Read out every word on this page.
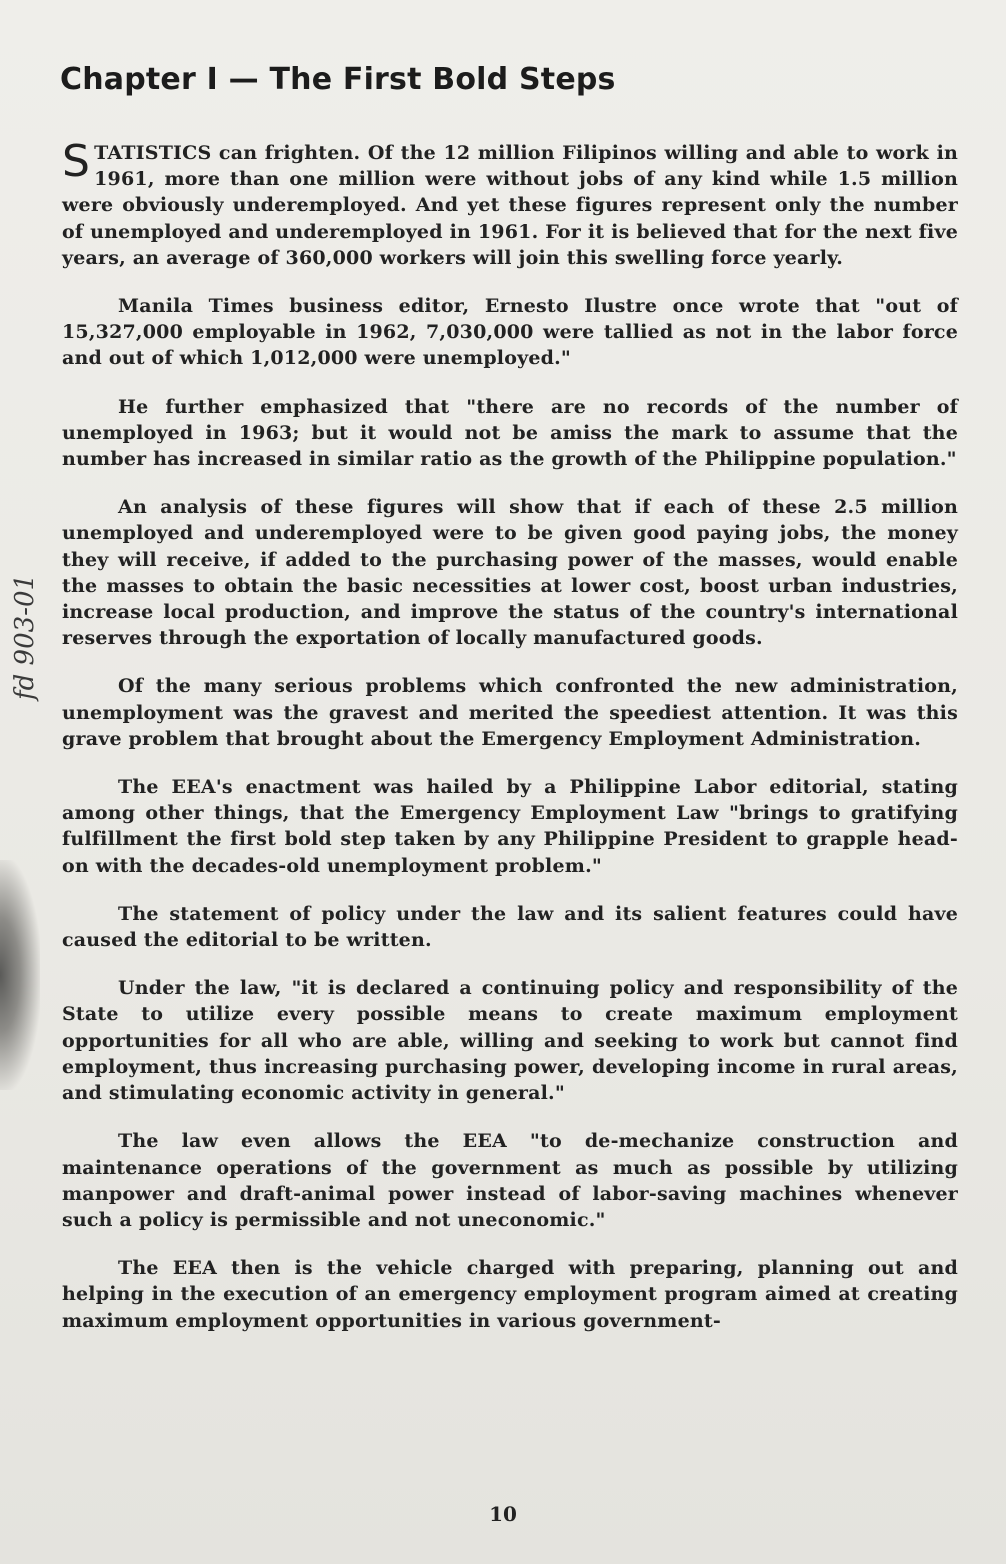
Chapter I — The First Bold Steps
fd 903-01

STATISTICS can frighten. Of the 12 million Filipinos willing and able to work in 1961, more than one million were without jobs of any kind while 1.5 million were obviously underemployed. And yet these figures represent only the number of unemployed and underemployed in 1961. For it is believed that for the next five years, an average of 360,000 workers will join this swelling force yearly.

Manila Times business editor, Ernesto Ilustre once wrote that "out of 15,327,000 employable in 1962, 7,030,000 were tallied as not in the labor force and out of which 1,012,000 were unemployed."

He further emphasized that "there are no records of the number of unemployed in 1963; but it would not be amiss the mark to assume that the number has increased in similar ratio as the growth of the Philippine population."

An analysis of these figures will show that if each of these 2.5 million unemployed and underemployed were to be given good paying jobs, the money they will receive, if added to the purchasing power of the masses, would enable the masses to obtain the basic necessities at lower cost, boost urban industries, increase local production, and improve the status of the country's international reserves through the exportation of locally manufactured goods.

Of the many serious problems which confronted the new administration, unemployment was the gravest and merited the speediest attention. It was this grave problem that brought about the Emergency Employment Administration.

The EEA's enactment was hailed by a Philippine Labor editorial, stating among other things, that the Emergency Employment Law "brings to gratifying fulfillment the first bold step taken by any Philippine President to grapple head-on with the decades-old unemployment problem."

The statement of policy under the law and its salient features could have caused the editorial to be written.

Under the law, "it is declared a continuing policy and responsibility of the State to utilize every possible means to create maximum employment opportunities for all who are able, willing and seeking to work but cannot find employment, thus increasing purchasing power, developing income in rural areas, and stimulating economic activity in general."

The law even allows the EEA "to de-mechanize construction and maintenance operations of the government as much as possible by utilizing manpower and draft-animal power instead of labor-saving machines whenever such a policy is permissible and not uneconomic."

The EEA then is the vehicle charged with preparing, planning out and helping in the execution of an emergency employment program aimed at creating maximum employment opportunities in various government-

10
